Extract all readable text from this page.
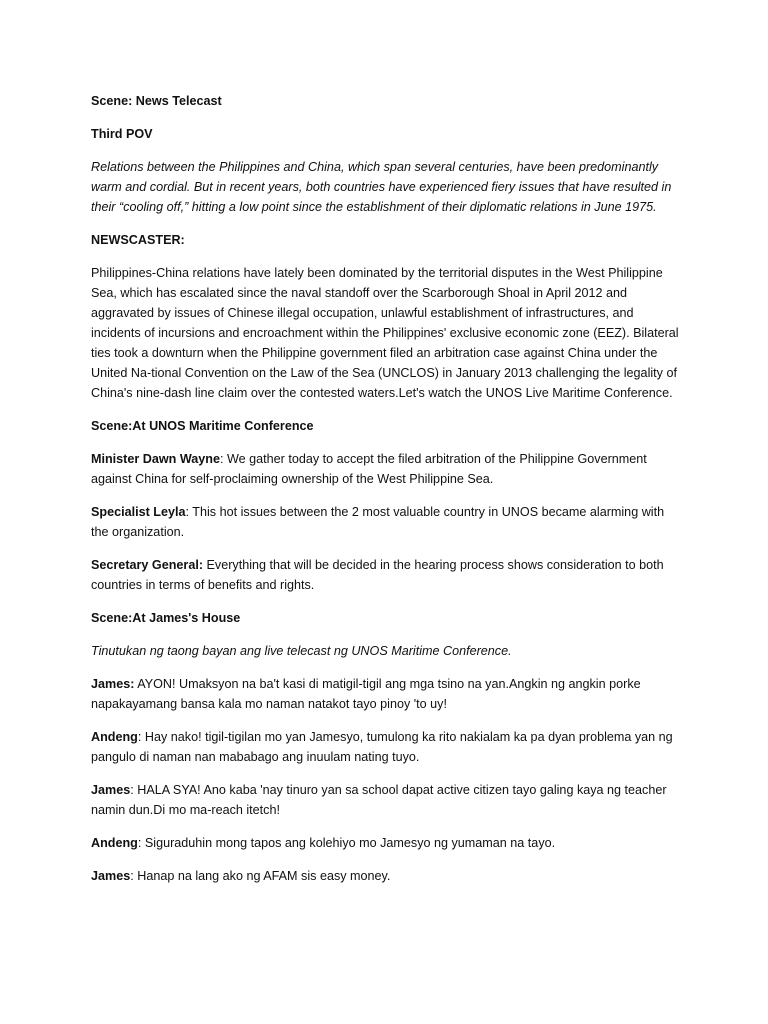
Scene: News Telecast

Third POV

Relations between the Philippines and China, which span several centuries, have been predominantly warm and cordial. But in recent years, both countries have experienced fiery issues that have resulted in their “cooling off,” hitting a low point since the establishment of their diplomatic relations in June 1975.

NEWSCASTER:

Philippines-China relations have lately been dominated by the territorial disputes in the West Philippine Sea, which has escalated since the naval standoff over the Scarborough Shoal in April 2012 and aggravated by issues of Chinese illegal occupation, unlawful establishment of infrastructures, and incidents of incursions and encroachment within the Philippines' exclusive economic zone (EEZ). Bilateral ties took a downturn when the Philippine government filed an arbitration case against China under the United Na-tional Convention on the Law of the Sea (UNCLOS) in January 2013 challenging the legality of China's nine-dash line claim over the contested waters.Let's watch the UNOS Live Maritime Conference.

Scene:At UNOS Maritime Conference

Minister Dawn Wayne: We gather today to accept the filed arbitration of the Philippine Government against China for self-proclaiming ownership of the West Philippine Sea.

Specialist Leyla: This hot issues between the 2 most valuable country in UNOS became alarming with the organization.

Secretary General: Everything that will be decided in the hearing process shows consideration to both countries in terms of benefits and rights.

Scene:At James's House

Tinutukan ng taong bayan ang live telecast ng UNOS Maritime Conference.

James: AYON! Umaksyon na ba't kasi di matigil-tigil ang mga tsino na yan.Angkin ng angkin porke napakayamang bansa kala mo naman natakot tayo pinoy 'to uy!

Andeng: Hay nako! tigil-tigilan mo yan Jamesyo, tumulong ka rito nakialam ka pa dyan problema yan ng pangulo di naman nan mababago ang inuulam nating tuyo.

James: HALA SYA! Ano kaba 'nay tinuro yan sa school dapat active citizen tayo galing kaya ng teacher namin dun.Di mo ma-reach itetch!

Andeng: Siguraduhin mong tapos ang kolehiyo mo Jamesyo ng yumaman na tayo.

James: Hanap na lang ako ng AFAM sis easy money.
